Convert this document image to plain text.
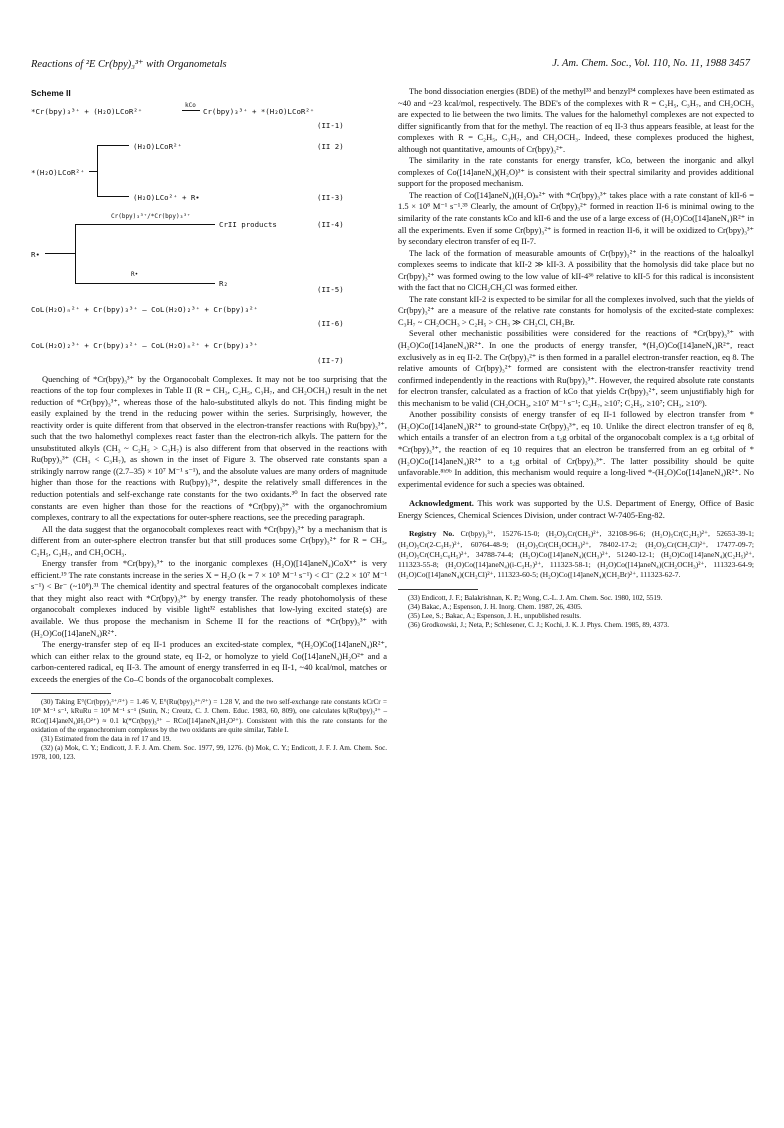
Reactions of ²E Cr(bpy)₃³⁺ with Organometals	J. Am. Chem. Soc., Vol. 110, No. 11, 1988 3457
Scheme II
*Cr(bpy)₃³⁺ + (H₂O)LCoR²⁺
kCo
Cr(bpy)₃³⁺ + *(H₂O)LCoR²⁺
(II-1)
(H₂O)LCoR²⁺	(II 2)
*(H₂O)LCoR²⁺
(H₂O)LCo²⁺ + R•	(II-3)
Cr(bpy)₃³⁺/*Cr(bpy)₃³⁺
CrII products	(II-4)
R•
R•
R₂
(II-5)
CoL(H₂O)ₙ²⁺ + Cr(bpy)₃³⁺ — CoL(H₂O)₂³⁺ + Cr(bpy)₃²⁺
(II-6)
CoL(H₂O)₂³⁺ + Cr(bpy)₃²⁺ — CoL(H₂O)ₙ²⁺ + Cr(bpy)₃³⁺
(II-7)

Quenching of *Cr(bpy)₃³⁺ by the Organocobalt Complexes. It may not be too surprising that the reactions of the top four complexes in Table II (R = CH₃, C₂H₅, C₃H₇, and CH₂OCH₃) result in the net reduction of *Cr(bpy)₃³⁺, whereas those of the halo-substituted alkyls do not. This finding might be easily explained by the trend in the reducing power within the series. Surprisingly, however, the reactivity order is quite different from that observed in the electron-transfer reactions with Ru(bpy)₃³⁺, such that the two halomethyl complexes react faster than the electron-rich alkyls. The pattern for the unsubstituted alkyls (CH₃ ~ C₂H₅ > C₃H₇) is also different from that observed in the reactions with Ru(bpy)₃³⁺ (CH₃ < C₃H₇), as shown in the inset of Figure 3. The observed rate constants span a strikingly narrow range ((2.7–35) × 10⁷ M⁻¹ s⁻¹), and the absolute values are many orders of magnitude higher than those for the reactions with Ru(bpy)₃³⁺, despite the relatively small differences in the reduction potentials and self-exchange rate constants for the two oxidants.³⁰ In fact the observed rate constants are even higher than those for the reactions of *Cr(bpy)₃³⁺ with the organochromium complexes, contrary to all the expectations for outer-sphere reactions, see the preceding paragraph.

All the data suggest that the organocobalt complexes react with *Cr(bpy)₃³⁺ by a mechanism that is different from an outer-sphere electron transfer but that still produces some Cr(bpy)₃²⁺ for R = CH₃, C₂H₅, C₃H₇, and CH₂OCH₃.

Energy transfer from *Cr(bpy)₃³⁺ to the inorganic complexes (H₂O)([14]aneN₄)CoXⁿ⁺ is very efficient.¹⁹ The rate constants increase in the series X = H₂O (k = 7 × 10⁵ M⁻¹ s⁻¹) < Cl⁻ (2.2 × 10⁷ M⁻¹ s⁻¹) < Br⁻ (~10⁸).³¹ The chemical identity and spectral features of the organocobalt complexes indicate that they might also react with *Cr(bpy)₃³⁺ by energy transfer. The ready photohomolysis of these organocobalt complexes induced by visible light³² establishes that low-lying excited state(s) are available. We thus propose the mechanism in Scheme II for the reactions of *Cr(bpy)₃³⁺ with (H₂O)Co([14]aneN₄)R²⁺.

The energy-transfer step of eq II-1 produces an excited-state complex, *(H₂O)Co([14]aneN₄)R²⁺, which can either relax to the ground state, eq II-2, or homolyze to yield Co([14]aneN₄)H₂O²⁺ and a carbon-centered radical, eq II-3. The amount of energy transferred in eq II-1, ~40 kcal/mol, matches or exceeds the energies of the Co–C bonds of the organocobalt complexes.

(30) Taking E°(Cr(bpy)₃³⁺/²⁺) = 1.46 V, E°(Ru(bpy)₃³⁺/²⁺) = 1.28 V, and the two self-exchange rate constants kCrCr = 10⁸ M⁻¹ s⁻¹, kRuRu = 10⁸ M⁻¹ s⁻¹ (Sutin, N.; Creutz, C. J. Chem. Educ. 1983, 60, 809), one calculates k(Ru(bpy)₃³⁺ – RCo([14]aneN₄)H₂O²⁺) ≈ 0.1 k(*Cr(bpy)₃³⁺ – RCo([14]aneN₄)H₂O²⁺). Consistent with this the rate constants for the oxidation of the organochromium complexes by the two oxidants are quite similar, Table I.

(31) Estimated from the data in ref 17 and 19.

(32) (a) Mok, C. Y.; Endicott, J. F. J. Am. Chem. Soc. 1977, 99, 1276. (b) Mok, C. Y.; Endicott, J. F. J. Am. Chem. Soc. 1978, 100, 123.

The bond dissociation energies (BDE) of the methyl³³ and benzyl³⁴ complexes have been estimated as ~40 and ~23 kcal/mol, respectively. The BDE's of the complexes with R = C₂H₅, C₃H₇, and CH₂OCH₃ are expected to lie between the two limits. The values for the halomethyl complexes are not expected to differ significantly from that for the methyl. The reaction of eq II-3 thus appears feasible, at least for the complexes with R = C₂H₅, C₃H₇, and CH₂OCH₃. Indeed, these complexes produced the highest, although not quantitative, amounts of Cr(bpy)₃²⁺.

The similarity in the rate constants for energy transfer, kCo, between the inorganic and alkyl complexes of Co([14]aneN₄)(H₂O)³⁺ is consistent with their spectral similarity and provides additional support for the proposed mechanism.

The reaction of Co([14]aneN₄)(H₂O)ₙ²⁺ with *Cr(bpy)₃³⁺ takes place with a rate constant of kII-6 = 1.5 × 10⁸ M⁻¹ s⁻¹.³⁵ Clearly, the amount of Cr(bpy)₃²⁺ formed in reaction II-6 is minimal owing to the similarity of the rate constants kCo and kII-6 and the use of a large excess of (H₂O)Co([14]aneN₄)R²⁺ in all the experiments. Even if some Cr(bpy)₃²⁺ is formed in reaction II-6, it will be oxidized to Cr(bpy)₃³⁺ by secondary electron transfer of eq II-7.

The lack of the formation of measurable amounts of Cr(bpy)₃²⁺ in the reactions of the haloalkyl complexes seems to indicate that kII-2 ≫ kII-3. A possibility that the homolysis did take place but no Cr(bpy)₃²⁺ was formed owing to the low value of kII-4³⁶ relative to kII-5 for this radical is inconsistent with the fact that no ClCH₂CH₂Cl was formed either.

The rate constant kII-2 is expected to be similar for all the complexes involved, such that the yields of Cr(bpy)₃²⁺ are a measure of the relative rate constants for homolysis of the excited-state complexes: C₃H₇ ~ CH₂OCH₃ > C₂H₅ > CH₃ ≫ CH₂Cl, CH₂Br.

Several other mechanistic possibilities were considered for the reactions of *Cr(bpy)₃³⁺ with (H₂O)Co([14]aneN₄)R²⁺. In one the products of energy transfer, *(H₂O)Co([14]aneN₄)R²⁺, react exclusively as in eq II-2. The Cr(bpy)₃²⁺ is then formed in a parallel electron-transfer reaction, eq 8. The relative amounts of Cr(bpy)₃²⁺ formed are consistent with the electron-transfer reactivity trend confirmed independently in the reactions with Ru(bpy)₃³⁺. However, the required absolute rate constants for electron transfer, calculated as a fraction of kCo that yields Cr(bpy)₃²⁺, seem unjustifiably high for this mechanism to be valid (CH₂OCH₃, ≥10⁷ M⁻¹ s⁻¹; C₃H₇, ≥10⁷; C₂H₅, ≥10⁷; CH₃, ≥10⁶).

Another possibility consists of energy transfer of eq II-1 followed by electron transfer from *(H₂O)Co([14]aneN₄)R²⁺ to ground-state Cr(bpy)₃³⁺, eq 10. Unlike the direct electron transfer of eq 8, which entails a transfer of an electron from a t₂g orbital of the organocobalt complex is a t₂g orbital of *Cr(bpy)₃³⁺, the reaction of eq 10 requires that an electron be transferred from an eg orbital of *(H₂O)Co([14]aneN₄)R²⁺ to a t₂g orbital of Cr(bpy)₃³⁺. The latter possibility should be quite unfavorable.⁸ʰ⁹ᵇ In addition, this mechanism would require a long-lived *-(H₂O)Co([14]aneN₄)R²⁺. No experimental evidence for such a species was obtained.

Acknowledgment. This work was supported by the U.S. Department of Energy, Office of Basic Energy Sciences, Chemical Sciences Division, under contract W-7405-Eng-82.

Registry No. Cr(bpy)₃³⁺, 15276-15-0; (H₂O)₅Cr(CH₃)²⁺, 32108-96-6; (H₂O)₅Cr(C₂H₅)²⁺, 52653-39-1; (H₂O)₅Cr(2-C₃H₇)²⁺, 60764-48-9; (H₂O)₅Cr(CH₂OCH₃)²⁺, 78402-17-2; (H₂O)₅Cr(CH₂Cl)²⁺, 17477-09-7; (H₂O)₅Cr(CH₂C₆H₅)²⁺, 34788-74-4; (H₂O)Co([14]aneN₄)(CH₃)²⁺, 51240-12-1; (H₂O)Co([14]aneN₄)(C₂H₅)²⁺, 111323-55-8; (H₂O)Co([14]aneN₄)(i-C₃H₇)²⁺, 111323-58-1; (H₂O)Co([14]aneN₄)(CH₂OCH₃)²⁺, 111323-64-9; (H₂O)Co([14]aneN₄)(CH₂Cl)²⁺, 111323-60-5; (H₂O)Co([14]aneN₄)(CH₂Br)²⁺, 111323-62-7.

(33) Endicott, J. F.; Balakrishnan, K. P.; Wong, C.-L. J. Am. Chem. Soc. 1980, 102, 5519.

(34) Bakac, A.; Espenson, J. H. Inorg. Chem. 1987, 26, 4305.

(35) Lee, S.; Bakac, A.; Espenson, J. H., unpublished results.

(36) Grodkowski, J.; Neta, P.; Schlesener, C. J.; Kochi, J. K. J. Phys. Chem. 1985, 89, 4373.
